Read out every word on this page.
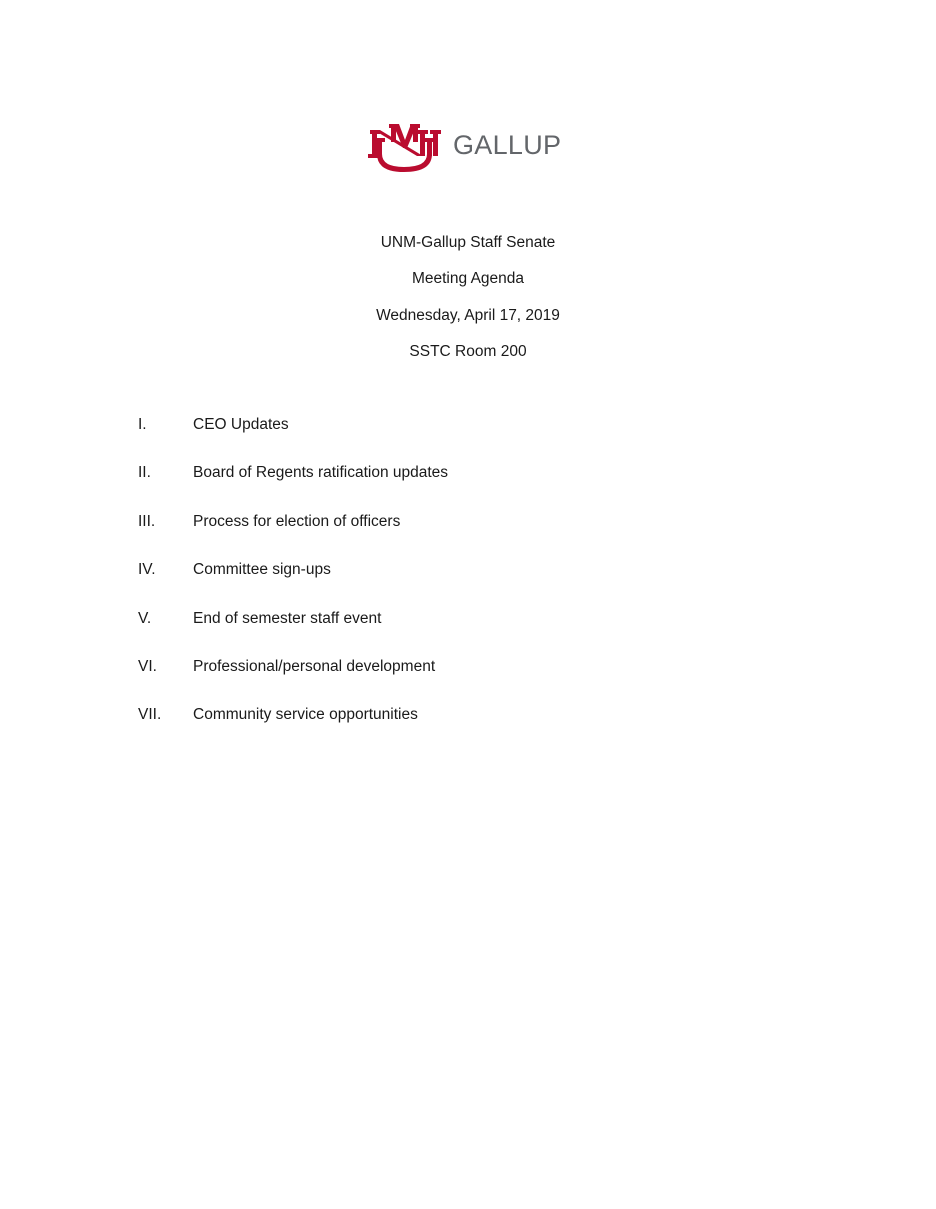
GALLUP
UNM-Gallup Staff Senate
Meeting Agenda
Wednesday, April 17, 2019
SSTC Room 200
I.	CEO Updates
II.	Board of Regents ratification updates
III. Process for election of officers
IV. Committee sign-ups
V.	End of semester staff event
VI. Professional/personal development
VII. Community service opportunities
